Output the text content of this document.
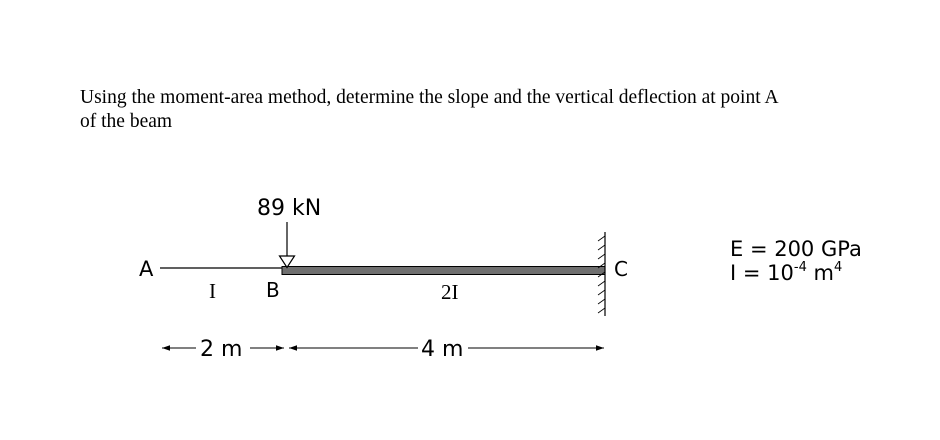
Using the moment-area method, determine the slope and the vertical deflection at point A
of the beam
A
B
C
89 kN
I	2I
2 m	4 m
E = 200 GPa
$I = 10^{-4}$ $m^4$
